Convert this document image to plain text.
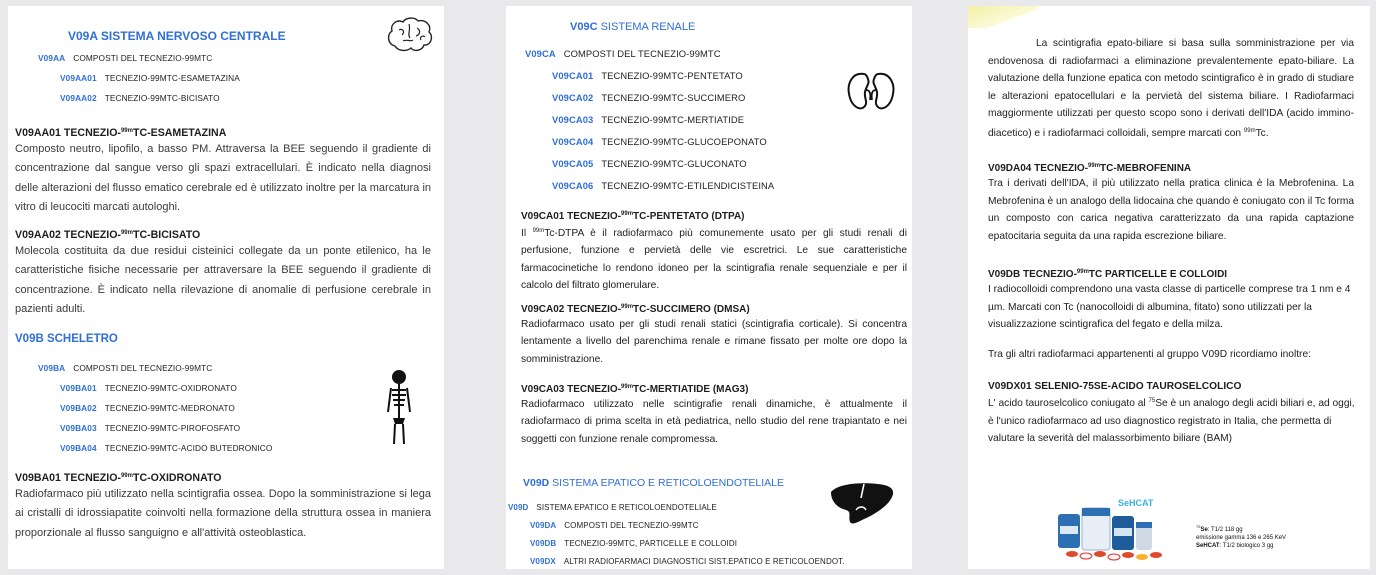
V09A SISTEMA NERVOSO CENTRALE
V09AA COMPOSTI DEL TECNEZIO-99MTC
V09AA01 TECNEZIO-99MTC-ESAMETAZINA
V09AA02 TECNEZIO-99MTC-BICISATO
V09AA01 TECNEZIO-$^{99m}$TC-ESAMETAZINA
Composto neutro, lipofilo, a basso PM. Attraversa la BEE seguendo il gradiente di concentrazione dal sangue verso gli spazi extracellulari. È indicato nella diagnosi delle alterazioni del flusso ematico cerebrale ed è utilizzato inoltre per la marcatura in vitro di leucociti marcati autologhi.
V09AA02 TECNEZIO-$^{99m}$TC-BICISATO
Molecola costituita da due residui cisteinici collegate da un ponte etilenico, ha le caratteristiche fisiche necessarie per attraversare la BEE seguendo il gradiente di concentrazione. È indicato nella rilevazione di anomalie di perfusione cerebrale in pazienti adulti.
V09B SCHELETRO
V09BA COMPOSTI DEL TECNEZIO-99MTC
V09BA01 TECNEZIO-99MTC-OXIDRONATO
V09BA02 TECNEZIO-99MTC-MEDRONATO
V09BA03 TECNEZIO-99MTC-PIROFOSFATO
V09BA04 TECNEZIO-99MTC-ACIDO BUTEDRONICO
V09BA01 TECNEZIO-$^{99m}$TC-OXIDRONATO
Radiofarmaco più utilizzato nella scintigrafia ossea. Dopo la somministrazione si lega ai cristalli di idrossiapatite coinvolti nella formazione della struttura ossea in maniera proporzionale al flusso sanguigno e all'attività osteoblastica.
V09C SISTEMA RENALE
V09CA COMPOSTI DEL TECNEZIO-99MTC
V09CA01 TECNEZIO-99MTC-PENTETATO
V09CA02 TECNEZIO-99MTC-SUCCIMERO
V09CA03 TECNEZIO-99MTC-MERTIATIDE
V09CA04 TECNEZIO-99MTC-GLUCOEPONATO
V09CA05 TECNEZIO-99MTC-GLUCONATO
V09CA06 TECNEZIO-99MTC-ETILENDICISTEINA
V09CA01 TECNEZIO-$^{99m}$TC-PENTETATO (DTPA)
Il $^{99m}$Tc-DTPA è il radiofarmaco più comunemente usato per gli studi renali di perfusione, funzione e pervietà delle vie escretrici. Le sue caratteristiche farmacocinetiche lo rendono idoneo per la scintigrafia renale sequenziale e per il calcolo del filtrato glomerulare.
V09CA02 TECNEZIO-$^{99m}$TC-SUCCIMERO (DMSA)
Radiofarmaco usato per gli studi renali statici (scintigrafia corticale). Si concentra lentamente a livello del parenchima renale e rimane fissato per molte ore dopo la somministrazione.
V09CA03 TECNEZIO-$^{99m}$TC-MERTIATIDE (MAG3)
Radiofarmaco utilizzato nelle scintigrafie renali dinamiche, è attualmente il radiofarmaco di prima scelta in età pediatrica, nello studio del rene trapiantato e nei soggetti con funzione renale compromessa.
V09D SISTEMA EPATICO E RETICOLOENDOTELIALE
V09D SISTEMA EPATICO E RETICOLOENDOTELIALE
V09DA COMPOSTI DEL TECNEZIO-99MTC
V09DB TECNEZIO-99MTC, PARTICELLE E COLLOIDI
V09DX ALTRI RADIOFARMACI DIAGNOSTICI SIST.EPATICO E RETICOLOENDOT.
La scintigrafia epato-biliare si basa sulla somministrazione per via endovenosa di radiofarmaci a eliminazione prevalentemente epato-biliare. La valutazione della funzione epatica con metodo scintigrafico è in grado di studiare le alterazioni epatocellulari e la pervietà del sistema biliare. I Radiofarmaci maggiormente utilizzati per questo scopo sono i derivati dell'IDA (acido immino-diacetico) e i radiofarmaci colloidali, sempre marcati con $^{99m}$Tc.
V09DA04 TECNEZIO-$^{99m}$TC-MEBROFENINA
Tra i derivati dell'IDA, il più utilizzato nella pratica clinica è la Mebrofenina. La Mebrofenina è un analogo della lidocaina che quando è coniugato con il Tc forma un composto con carica negativa caratterizzato da una rapida captazione epatocitaria seguita da una rapida escrezione biliare.
V09DB TECNEZIO-$^{99m}$TC PARTICELLE E COLLOIDI
I radiocolloidi comprendono una vasta classe di particelle comprese tra 1 nm e 4 µm. Marcati con Tc (nanocolloidi di albumina, fitato) sono utilizzati per la visualizzazione scintigrafica del fegato e della milza.
Tra gli altri radiofarmaci appartenenti al gruppo V09D ricordiamo inoltre:
V09DX01 SELENIO-75SE-ACIDO TAUROSELCOLICO
L' acido tauroselcolico coniugato al $^{75}$Se è un analogo degli acidi biliari e, ad oggi, è l'unico radiofarmaco ad uso diagnostico registrato in Italia, che permetta di valutare la severità del malassorbimento biliare (BAM)
SeHCAT
$^{75}$Se: T1/2 118 gg
emissione gamma 136 e 265 KeV
SeHCAT: T1/2 biologico 3 gg
